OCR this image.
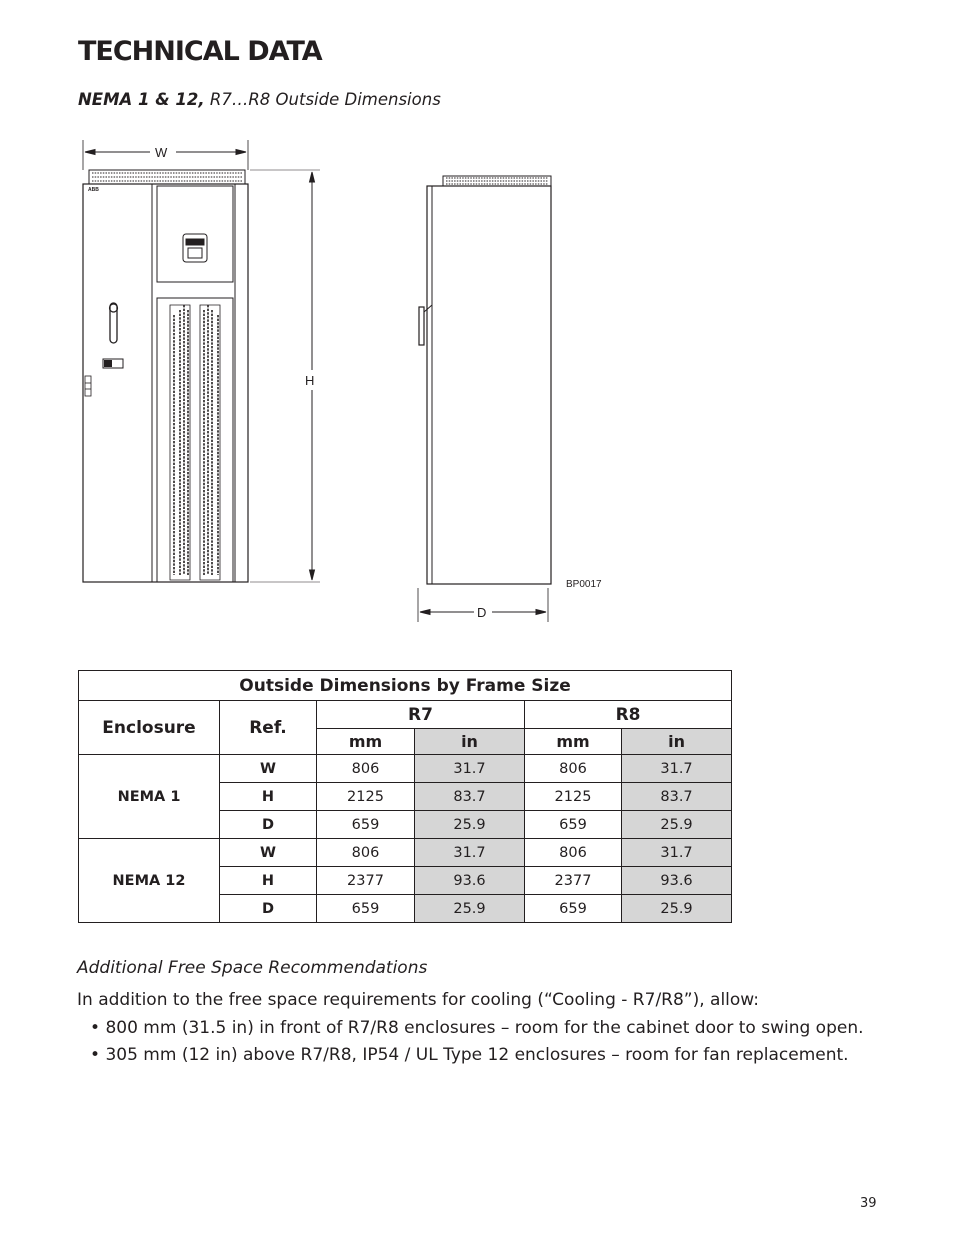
TECHNICAL DATA
NEMA 1 & 12, R7…R8 Outside Dimensions
W
ABB
H
BP0017
D
Outside Dimensions by Frame Size					
Enclosure	Ref.	R7		R8	
		mm	in	mm	in
NEMA 1	W	806	31.7	806	31.7
	H	2125	83.7	2125	83.7
	D	659	25.9	659	25.9
NEMA 12	W	806	31.7	806	31.7
	H	2377	93.6	2377	93.6
	D	659	25.9	659	25.9
Additional Free Space Recommendations
In addition to the free space requirements for cooling (“Cooling - R7/R8”), allow:
• 800 mm (31.5 in) in front of R7/R8 enclosures – room for the cabinet door to swing open.
• 305 mm (12 in) above R7/R8, IP54 / UL Type 12 enclosures – room for fan replacement.
39
